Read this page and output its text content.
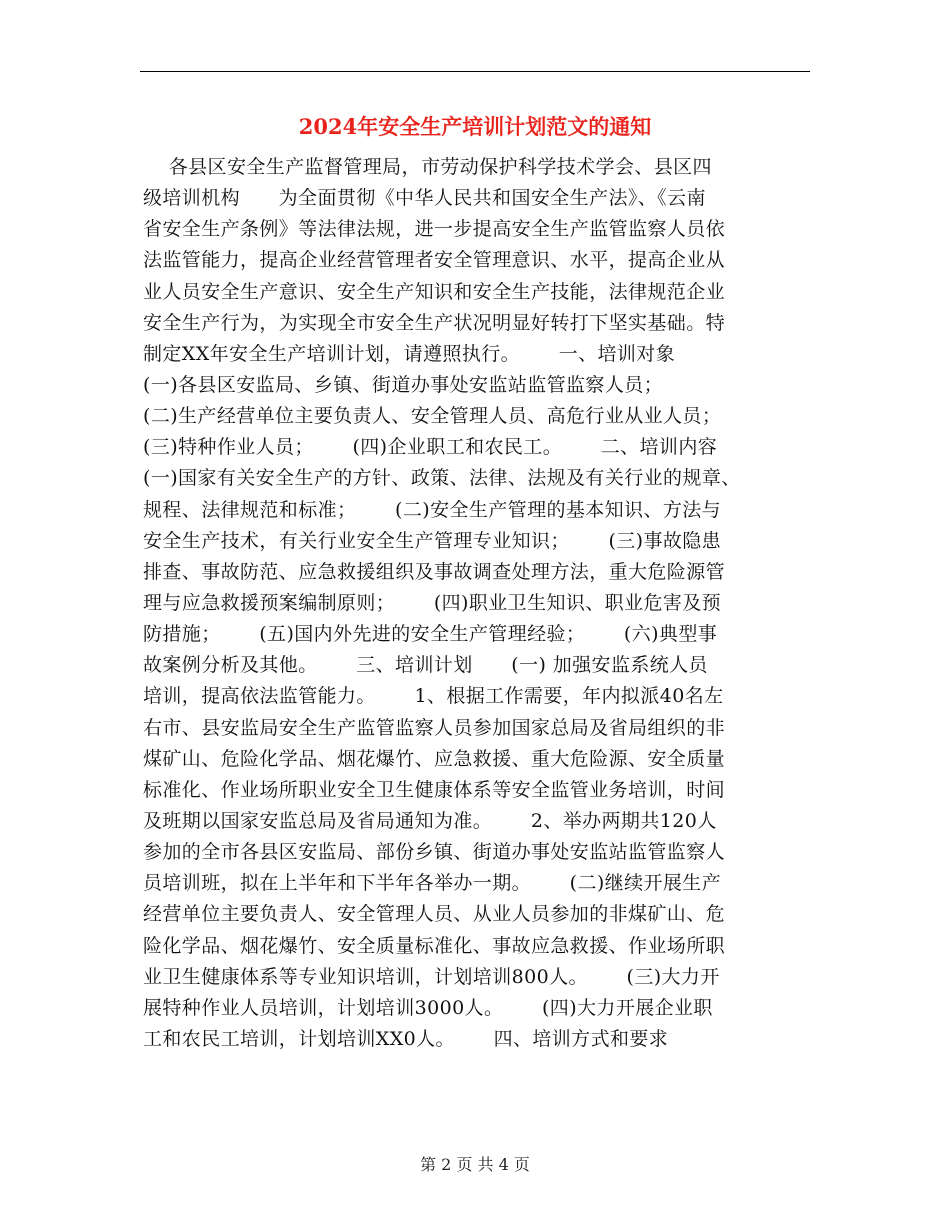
2024年安全生产培训计划范文的通知
各县区安全生产监督管理局，市劳动保护科学技术学会、县区四
级培训机构      为全面贯彻《中华人民共和国安全生产法》、《云南
省安全生产条例》等法律法规，进一步提高安全生产监管监察人员依
法监管能力，提高企业经营管理者安全管理意识、水平，提高企业从
业人员安全生产意识、安全生产知识和安全生产技能，法律规范企业
安全生产行为，为实现全市安全生产状况明显好转打下坚实基础。特
制定XX年安全生产培训计划，请遵照执行。      一、培训对象
(一)各县区安监局、乡镇、街道办事处安监站监管监察人员；
(二)生产经营单位主要负责人、安全管理人员、高危行业从业人员；
(三)特种作业人员；      (四)企业职工和农民工。      二、培训内容
(一)国家有关安全生产的方针、政策、法律、法规及有关行业的规章、
规程、法律规范和标准；      (二)安全生产管理的基本知识、方法与
安全生产技术，有关行业安全生产管理专业知识；      (三)事故隐患
排查、事故防范、应急救援组织及事故调查处理方法，重大危险源管
理与应急救援预案编制原则；      (四)职业卫生知识、职业危害及预
防措施；      (五)国内外先进的安全生产管理经验；      (六)典型事
故案例分析及其他。      三、培训计划      (一) 加强安监系统人员
培训，提高依法监管能力。      1、根据工作需要，年内拟派40名左
右市、县安监局安全生产监管监察人员参加国家总局及省局组织的非
煤矿山、危险化学品、烟花爆竹、应急救援、重大危险源、安全质量
标准化、作业场所职业安全卫生健康体系等安全监管业务培训，时间
及班期以国家安监总局及省局通知为准。      2、举办两期共120人
参加的全市各县区安监局、部份乡镇、街道办事处安监站监管监察人
员培训班，拟在上半年和下半年各举办一期。      (二)继续开展生产
经营单位主要负责人、安全管理人员、从业人员参加的非煤矿山、危
险化学品、烟花爆竹、安全质量标准化、事故应急救援、作业场所职
业卫生健康体系等专业知识培训，计划培训800人。      (三)大力开
展特种作业人员培训，计划培训3000人。      (四)大力开展企业职
工和农民工培训，计划培训XX0人。      四、培训方式和要求
第 2 页 共 4 页
